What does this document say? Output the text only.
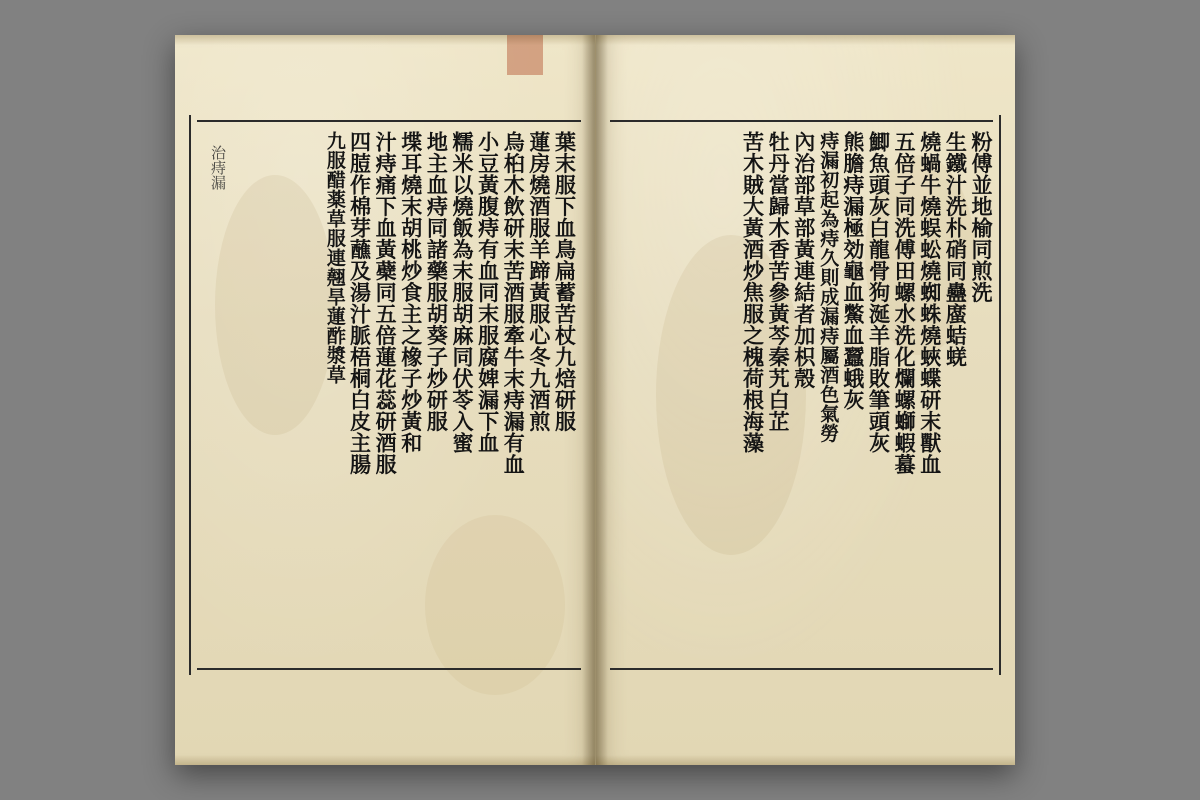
治痔漏	葉末服下血鳥扁蓄苦杖九焙研服
蓮房燒酒服羊蹄黃服心冬九酒煎
烏桕木飲研末苦酒服牽牛末痔漏有血
小豆黃腹痔有血同末服腐婢漏下血
糯米以燒飯為末服胡麻同伏苓入蜜
地主血痔同諸藥服胡葵子炒研服
堞耳燒末胡桃炒食主之橡子炒黃和
汁痔痛下血黃蘗同五倍蓮花蕊研酒服
四䐍作棉芽蘸及湯汁脈梧桐白皮主腸
九服醋薬草服連翹旱蓮酢漿草	粉傅並地榆同煎洗
生鐵汁洗朴硝同蠱䗪蛣蜣
燒蝸牛燒蜈蚣燒蜘蛛燒蛺蝶研末獸血
五倍子同洗傅田螺水洗化爛螺螄蝦蟇
鯽魚頭灰白龍骨狗涎羊脂敗筆頭灰
熊膽痔漏極効龜血鱉血蠶蛾灰
痔漏初起為痔久則成漏痔屬酒色氣勞
內治部草部黃連結者加枳殼
牡丹當歸木香苦參黃芩秦艽白芷
苦木賊大黃酒炒焦服之槐荷根海藻
